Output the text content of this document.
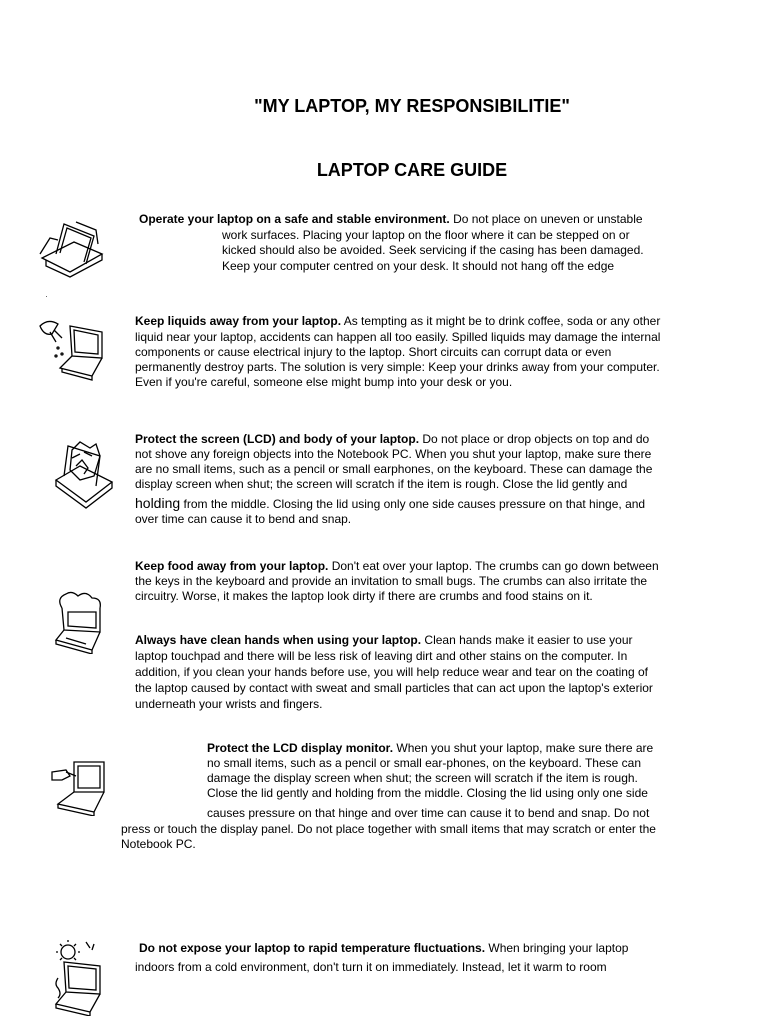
"MY LAPTOP, MY RESPONSIBILITIE"
LAPTOP CARE GUIDE
Operate your laptop on a safe and stable environment. Do not place on uneven or unstable
work surfaces. Placing your laptop on the floor where it can be stepped on or
kicked should also be avoided. Seek servicing if the casing has been damaged.
Keep your computer centred on your desk. It should not hang off the edge
Keep liquids away from your laptop. As tempting as it might be to drink coffee, soda or any other
liquid near your laptop, accidents can happen all too easily. Spilled liquids may damage the internal
components or cause electrical injury to the laptop. Short circuits can corrupt data or even
permanently destroy parts. The solution is very simple: Keep your drinks away from your computer.
Even if you're careful, someone else might bump into your desk or you.
Protect the screen (LCD) and body of your laptop. Do not place or drop objects on top and do
not shove any foreign objects into the Notebook PC. When you shut your laptop, make sure there
are no small items, such as a pencil or small earphones, on the keyboard. These can damage the
display screen when shut; the screen will scratch if the item is rough. Close the lid gently and
holding from the middle. Closing the lid using only one side causes pressure on that hinge, and
over time can cause it to bend and snap.
Keep food away from your laptop. Don't eat over your laptop. The crumbs can go down between
the keys in the keyboard and provide an invitation to small bugs. The crumbs can also irritate the
circuitry. Worse, it makes the laptop look dirty if there are crumbs and food stains on it.
Always have clean hands when using your laptop. Clean hands make it easier to use your
laptop touchpad and there will be less risk of leaving dirt and other stains on the computer. In
addition, if you clean your hands before use, you will help reduce wear and tear on the coating of
the laptop caused by contact with sweat and small particles that can act upon the laptop's exterior
underneath your wrists and fingers.
Protect the LCD display monitor. When you shut your laptop, make sure there are
no small items, such as a pencil or small ear-phones, on the keyboard. These can
damage the display screen when shut; the screen will scratch if the item is rough.
Close the lid gently and holding from the middle. Closing the lid using only one side
causes pressure on that hinge and over time can cause it to bend and snap. Do not
press or touch the display panel. Do not place together with small items that may scratch or enter the
Notebook PC.
Do not expose your laptop to rapid temperature fluctuations. When bringing your laptop
indoors from a cold environment, don't turn it on immediately. Instead, let it warm to room
